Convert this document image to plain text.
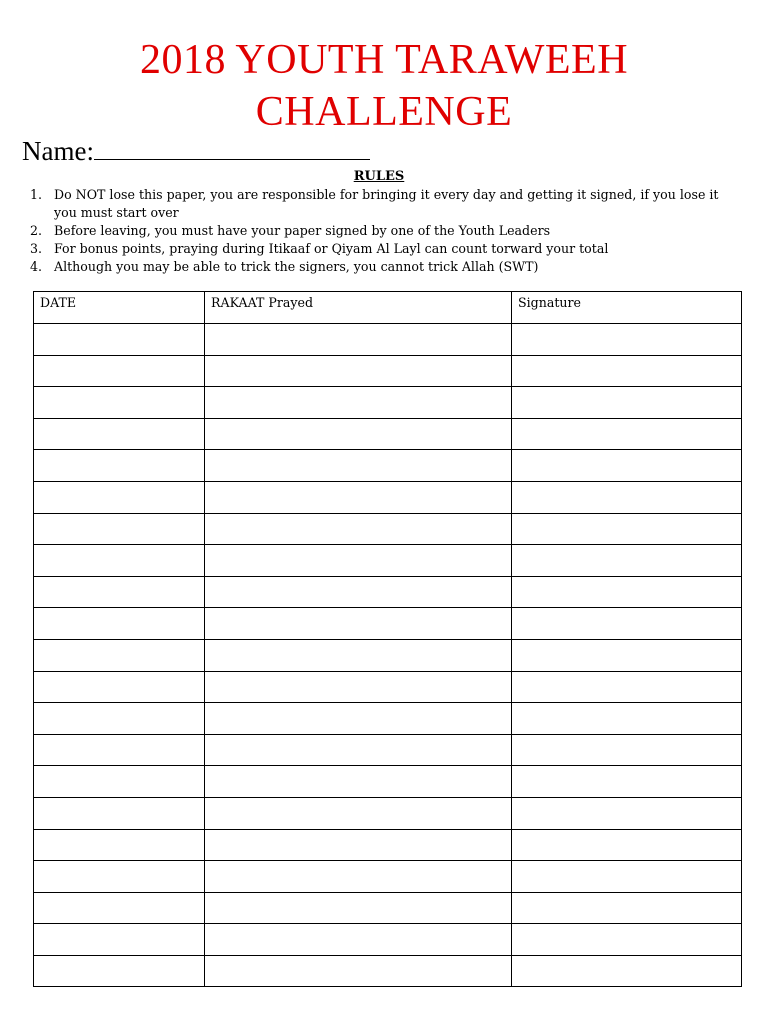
2018 YOUTH TARAWEEH
CHALLENGE
Name:
RULES
1. Do NOT lose this paper, you are responsible for bringing it every day and getting it signed, if you lose it you must start over
2. Before leaving, you must have your paper signed by one of the Youth Leaders
3. For bonus points, praying during Itikaaf or Qiyam Al Layl can count torward your total
4. Although you may be able to trick the signers, you cannot trick Allah (SWT)
DATE	RAKAAT Prayed	Signature
